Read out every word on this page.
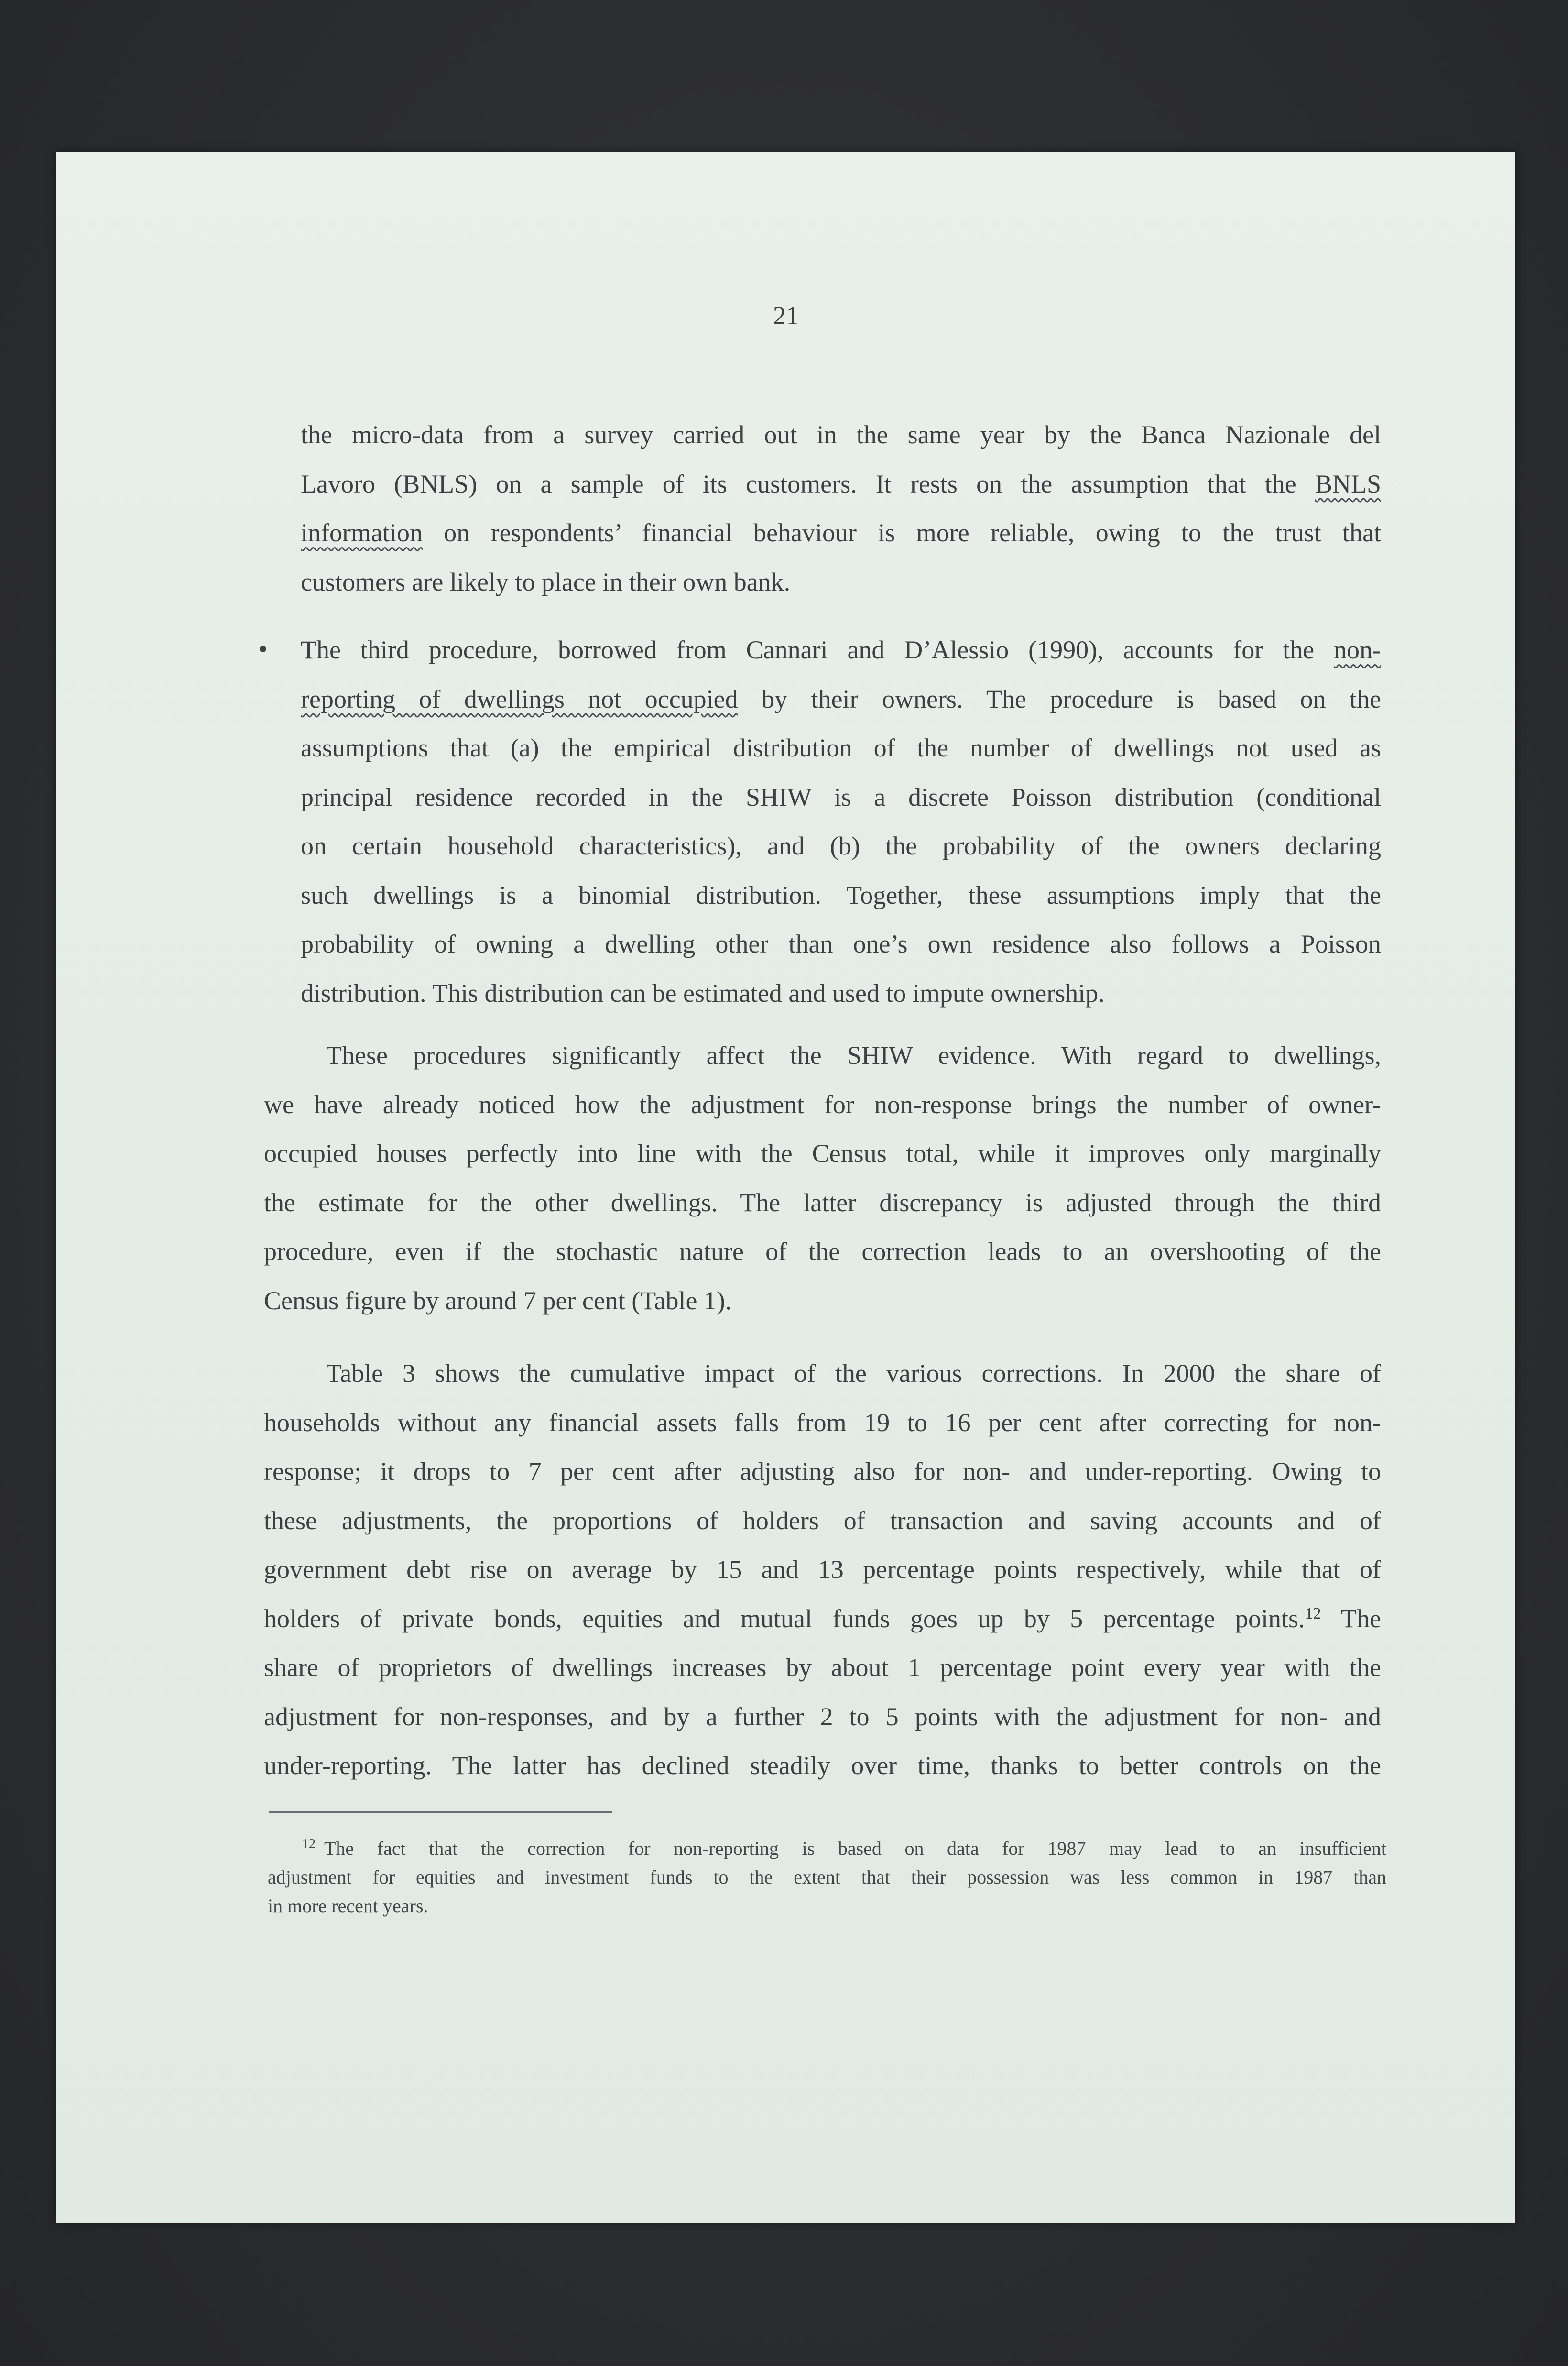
21
the micro-data from a survey carried out in the same year by the Banca Nazionale del
Lavoro (BNLS) on a sample of its customers. It rests on the assumption that the BNLS
information on respondents’ financial behaviour is more reliable, owing to the trust that
customers are likely to place in their own bank.
• The third procedure, borrowed from Cannari and D’Alessio (1990), accounts for the non-
reporting of dwellings not occupied by their owners. The procedure is based on the
assumptions that (a) the empirical distribution of the number of dwellings not used as
principal residence recorded in the SHIW is a discrete Poisson distribution (conditional
on certain household characteristics), and (b) the probability of the owners declaring
such dwellings is a binomial distribution. Together, these assumptions imply that the
probability of owning a dwelling other than one’s own residence also follows a Poisson
distribution. This distribution can be estimated and used to impute ownership.
These procedures significantly affect the SHIW evidence. With regard to dwellings,
we have already noticed how the adjustment for non-response brings the number of owner-
occupied houses perfectly into line with the Census total, while it improves only marginally
the estimate for the other dwellings. The latter discrepancy is adjusted through the third
procedure, even if the stochastic nature of the correction leads to an overshooting of the
Census figure by around 7 per cent (Table 1).
Table 3 shows the cumulative impact of the various corrections. In 2000 the share of
households without any financial assets falls from 19 to 16 per cent after correcting for non-
response; it drops to 7 per cent after adjusting also for non- and under-reporting. Owing to
these adjustments, the proportions of holders of transaction and saving accounts and of
government debt rise on average by 15 and 13 percentage points respectively, while that of
holders of private bonds, equities and mutual funds goes up by 5 percentage points.$^{12}$ The
share of proprietors of dwellings increases by about 1 percentage point every year with the
adjustment for non-responses, and by a further 2 to 5 points with the adjustment for non- and
under-reporting. The latter has declined steadily over time, thanks to better controls on the
$^{12}$ The fact that the correction for non-reporting is based on data for 1987 may lead to an insufficient
adjustment for equities and investment funds to the extent that their possession was less common in 1987 than
in more recent years.
